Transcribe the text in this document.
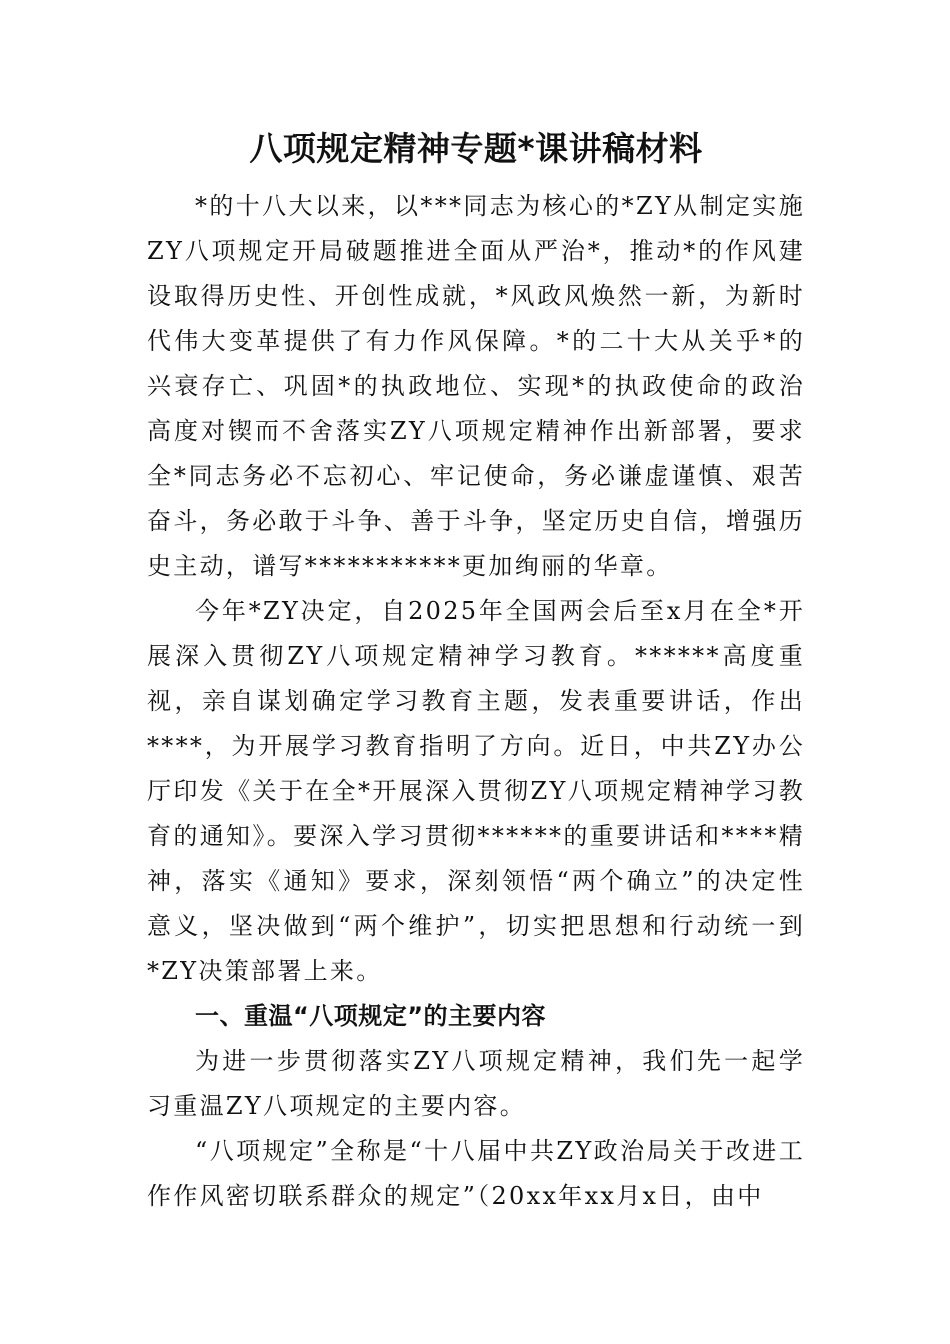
八项规定精神专题*课讲稿材料

*的十八大以来，以***同志为核心的*ZY从制定实施ZY八项规定开局破题推进全面从严治*，推动*的作风建设取得历史性、开创性成就，*风政风焕然一新，为新时代伟大变革提供了有力作风保障。*的二十大从关乎*的兴衰存亡、巩固*的执政地位、实现*的执政使命的政治高度对锲而不舍落实ZY八项规定精神作出新部署，要求全*同志务必不忘初心、牢记使命，务必谦虚谨慎、艰苦奋斗，务必敢于斗争、善于斗争，坚定历史自信，增强历史主动，谱写***********更加绚丽的华章。

今年*ZY决定，自2025年全国两会后至x月在全*开展深入贯彻ZY八项规定精神学习教育。******高度重视，亲自谋划确定学习教育主题，发表重要讲话，作出****，为开展学习教育指明了方向。近日，中共ZY办公厅印发《关于在全*开展深入贯彻ZY八项规定精神学习教育的通知》。要深入学习贯彻******的重要讲话和****精神，落实《通知》要求，深刻领悟“两个确立”的决定性意义，坚决做到“两个维护”，切实把思想和行动统一到*ZY决策部署上来。

一、重温“八项规定”的主要内容

为进一步贯彻落实ZY八项规定精神，我们先一起学习重温ZY八项规定的主要内容。

“八项规定”全称是“十八届中共ZY政治局关于改进工作作风密切联系群众的规定”（20xx年xx月x日，由中
